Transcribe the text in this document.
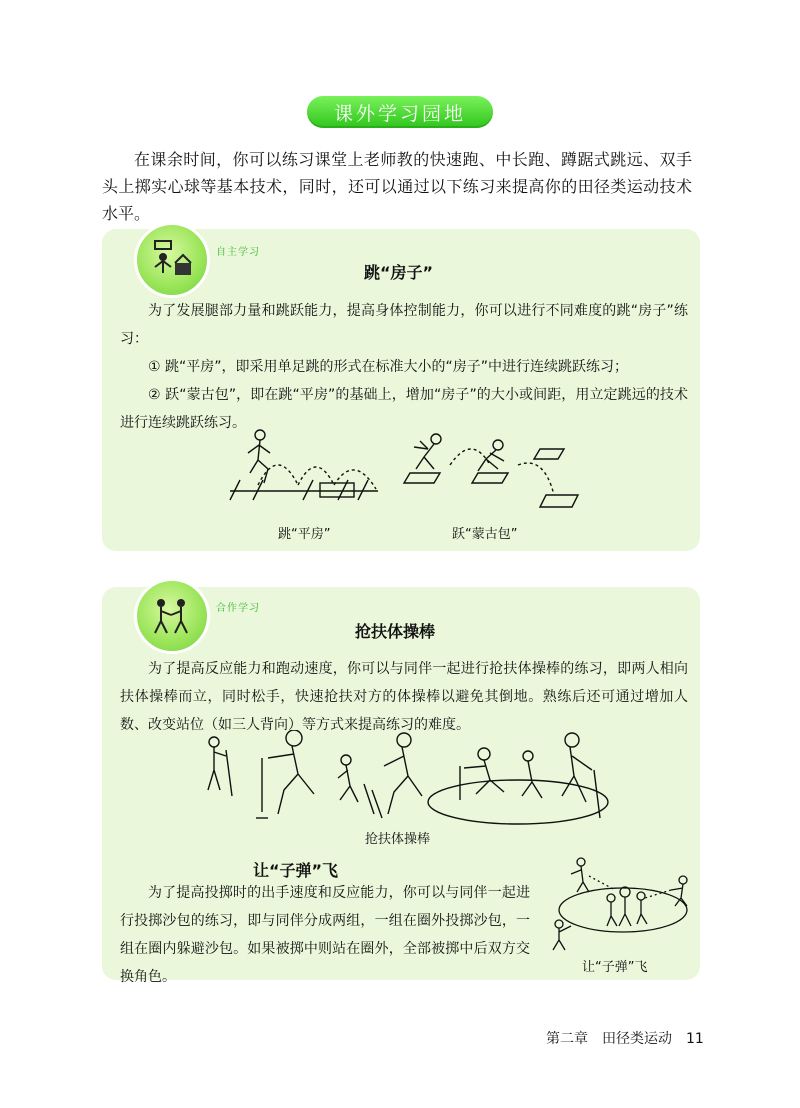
课外学习园地
在课余时间，你可以练习课堂上老师教的快速跑、中长跑、蹲踞式跳远、双手头上掷实心球等基本技术，同时，还可以通过以下练习来提高你的田径类运动技术水平。
自主学习
跳“房子”
为了发展腿部力量和跳跃能力，提高身体控制能力，你可以进行不同难度的跳“房子”练习：
① 跳“平房”，即采用单足跳的形式在标准大小的“房子”中进行连续跳跃练习；
② 跃“蒙古包”，即在跳“平房”的基础上，增加“房子”的大小或间距，用立定跳远的技术进行连续跳跃练习。
跳“平房”	跃“蒙古包”
合作学习
抢扶体操棒
为了提高反应能力和跑动速度，你可以与同伴一起进行抢扶体操棒的练习，即两人相向扶体操棒而立，同时松手，快速抢扶对方的体操棒以避免其倒地。熟练后还可通过增加人数、改变站位（如三人背向）等方式来提高练习的难度。
抢扶体操棒
让“子弹”飞
为了提高投掷时的出手速度和反应能力，你可以与同伴一起进行投掷沙包的练习，即与同伴分成两组，一组在圈外投掷沙包，一组在圈内躲避沙包。如果被掷中则站在圈外，全部被掷中后双方交换角色。
让“子弹”飞
第二章　田径类运动　11
